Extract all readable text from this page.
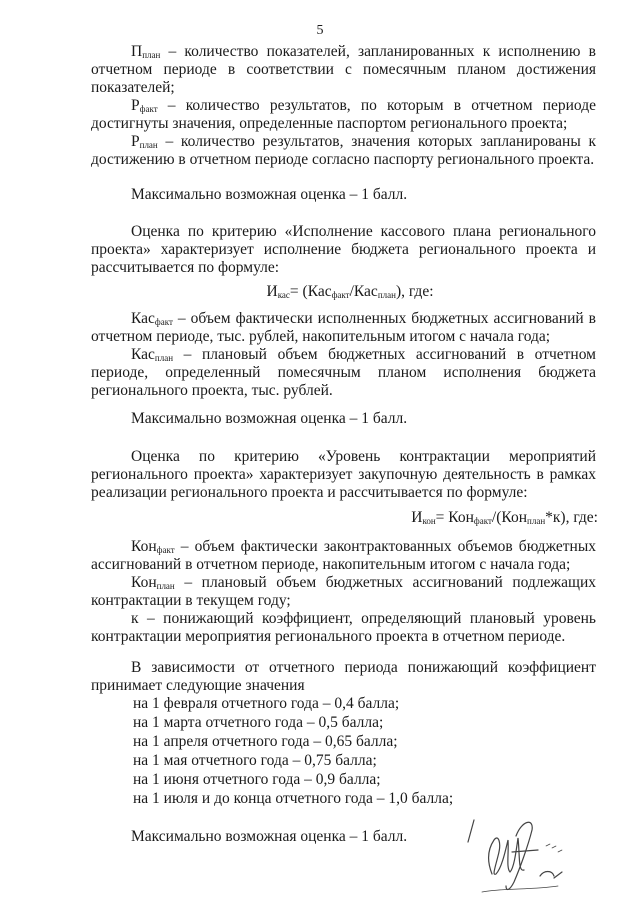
5

$П_{план}$ – количество показателей, запланированных к исполнению в отчетном периоде в соответствии с помесячным планом достижения показателей;

$Р_{факт}$ – количество результатов, по которым в отчетном периоде достигнуты значения, определенные паспортом регионального проекта;

$Р_{план}$ – количество результатов, значения которых запланированы к достижению в отчетном периоде согласно паспорту регионального проекта.

Максимально возможная оценка – 1 балл.

Оценка по критерию «Исполнение кассового плана регионального проекта» характеризует исполнение бюджета регионального проекта и рассчитывается по формуле:

$И_{кас}= (Кас_{факт}/Кас_{план})$, где:

Кас$_{факт}$ – объем фактически исполненных бюджетных ассигнований в отчетном периоде, тыс. рублей, накопительным итогом с начала года;

Кас$_{план}$ – плановый объем бюджетных ассигнований в отчетном периоде, определенный помесячным планом исполнения бюджета регионального проекта, тыс. рублей.

Максимально возможная оценка – 1 балл.

Оценка по критерию «Уровень контрактации мероприятий регионального проекта» характеризует закупочную деятельность в рамках реализации регионального проекта и рассчитывается по формуле:

$И_{кон}= Кон_{факт}/(Кон_{план}*к)$, где:

Кон$_{факт}$ – объем фактически законтрактованных объемов бюджетных ассигнований в отчетном периоде, накопительным итогом с начала года;

Кон$_{план}$ – плановый объем бюджетных ассигнований подлежащих контрактации в текущем году;

к – понижающий коэффициент, определяющий плановый уровень контрактации мероприятия регионального проекта в отчетном периоде.

В зависимости от отчетного периода понижающий коэффициент принимает следующие значения

на 1 февраля отчетного года – 0,4 балла;
на 1 марта отчетного года – 0,5 балла;
на 1 апреля отчетного года – 0,65 балла;
на 1 мая отчетного года – 0,75 балла;
на 1 июня отчетного года – 0,9 балла;
на 1 июля и до конца отчетного года – 1,0 балла;

Максимально возможная оценка – 1 балл.
